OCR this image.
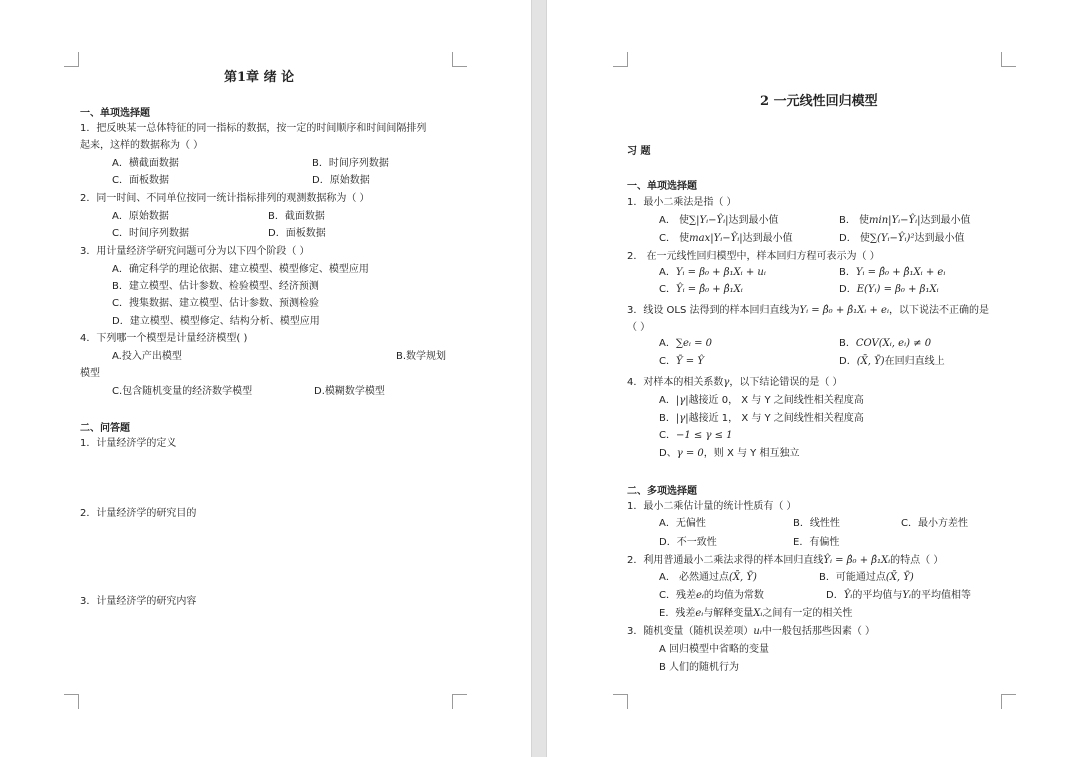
第1章 绪 论
一、单项选择题
1．把反映某一总体特征的同一指标的数据，按一定的时间顺序和时间间隔排列
起来，这样的数据称为（ ）
A．横截面数据	B．时间序列数据
C．面板数据	D．原始数据
2．同一时间、不同单位按同一统计指标排列的观测数据称为（ ）
A．原始数据	B．截面数据
C．时间序列数据	D．面板数据
3．用计量经济学研究问题可分为以下四个阶段（ ）
A．确定科学的理论依据、建立模型、模型修定、模型应用
B．建立模型、估计参数、检验模型、经济预测
C．搜集数据、建立模型、估计参数、预测检验
D．建立模型、模型修定、结构分析、模型应用
4．下列哪一个模型是计量经济模型( )
A.投入产出模型	B.数学规划
模型
C.包含随机变量的经济数学模型	D.模糊数学模型
二、问答题
1．计量经济学的定义
2．计量经济学的研究目的
3．计量经济学的研究内容
2 一元线性回归模型
习 题
一、单项选择题
1．最小二乘法是指（ ）
A． 使∑|Yᵢ−Ŷᵢ|达到最小值	B． 使min|Yᵢ−Ŷᵢ|达到最小值
C． 使max|Yᵢ−Ŷᵢ|达到最小值	D． 使∑(Yᵢ−Ŷᵢ)²达到最小值
2． 在一元线性回归模型中，样本回归方程可表示为（ ）
A．Yᵢ = β₀ + β₁Xᵢ + uᵢ	B．Yᵢ = β̂₀ + β̂₁Xᵢ + eᵢ
C．Ŷᵢ = β̂₀ + β̂₁Xᵢ	D．E(Yᵢ) = β₀ + β₁Xᵢ
3．线设 OLS 法得到的样本回归直线为Yᵢ = β̂₀ + β̂₁Xᵢ + eᵢ，以下说法不正确的是
（ ）
A．∑eᵢ = 0	B．COV(Xᵢ, eᵢ) ≠ 0
C．Ȳ = Ŷ	D．(X̄, Ȳ)在回归直线上
4．对样本的相关系数γ，以下结论错误的是（ ）
A．|γ|越接近 0， X 与 Y 之间线性相关程度高
B．|γ|越接近 1， X 与 Y 之间线性相关程度高
C．−1 ≤ γ ≤ 1
D、γ = 0，则 X 与 Y 相互独立
二、多项选择题
1．最小二乘估计量的统计性质有（ ）
A．无偏性	B．线性性	C．最小方差性
D．不一致性	E．有偏性
2．利用普通最小二乘法求得的样本回归直线Ŷᵢ = β̂₀ + β̂₁Xᵢ的特点（ ）
A． 必然通过点(X̄, Ȳ)	B．可能通过点(X̄, Ȳ)
C．残差eᵢ的均值为常数	D．Ŷᵢ的平均值与Yᵢ的平均值相等
E．残差eᵢ与解释变量Xᵢ之间有一定的相关性
3．随机变量（随机误差项）uᵢ中一般包括那些因素（ ）
A 回归模型中省略的变量
B 人们的随机行为
